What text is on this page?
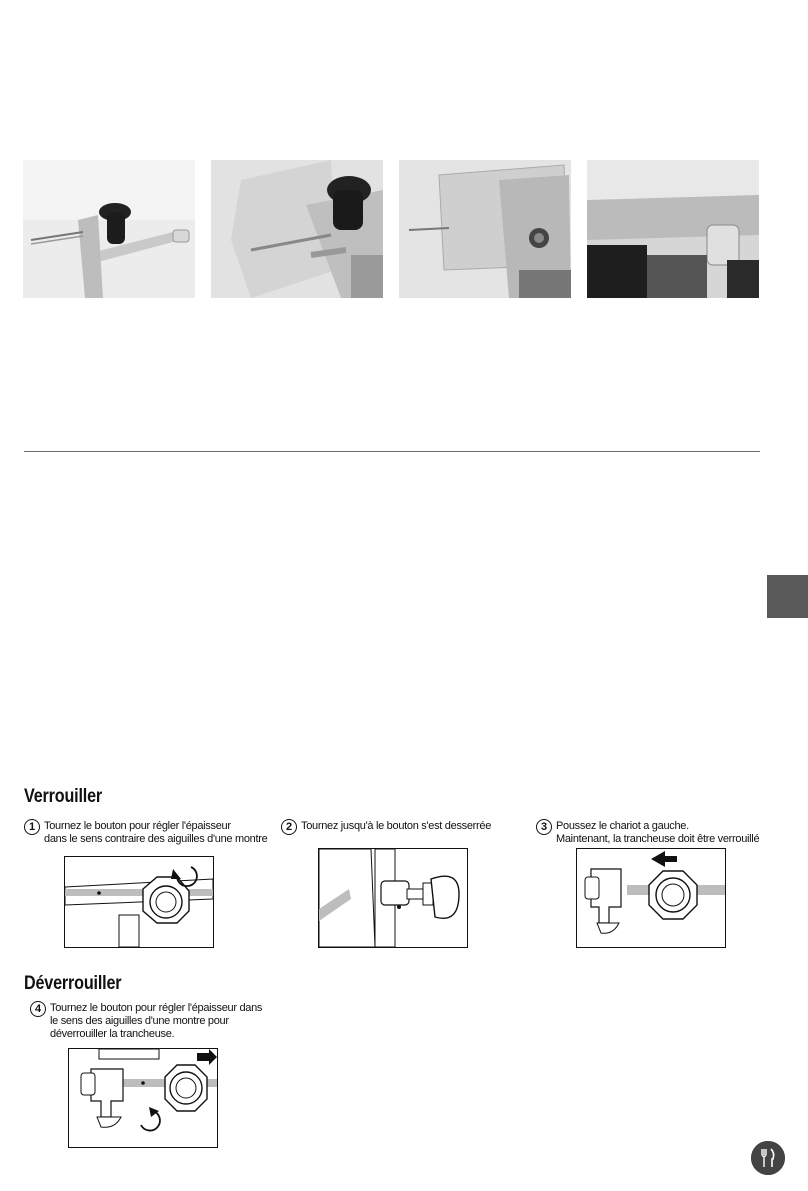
Verrouiller
1 Tournez le bouton pour régler l'épaisseur
dans le sens contraire des aiguilles d'une montre
2 Tournez jusqu'à le bouton s'est desserrée	3 Poussez le chariot a gauche.
Maintenant, la trancheuse doit être verrouillé
Déverrouiller
4 Tournez le bouton pour régler l'épaisseur dans
le sens des aiguilles d'une montre pour
déverrouiller la trancheuse.
